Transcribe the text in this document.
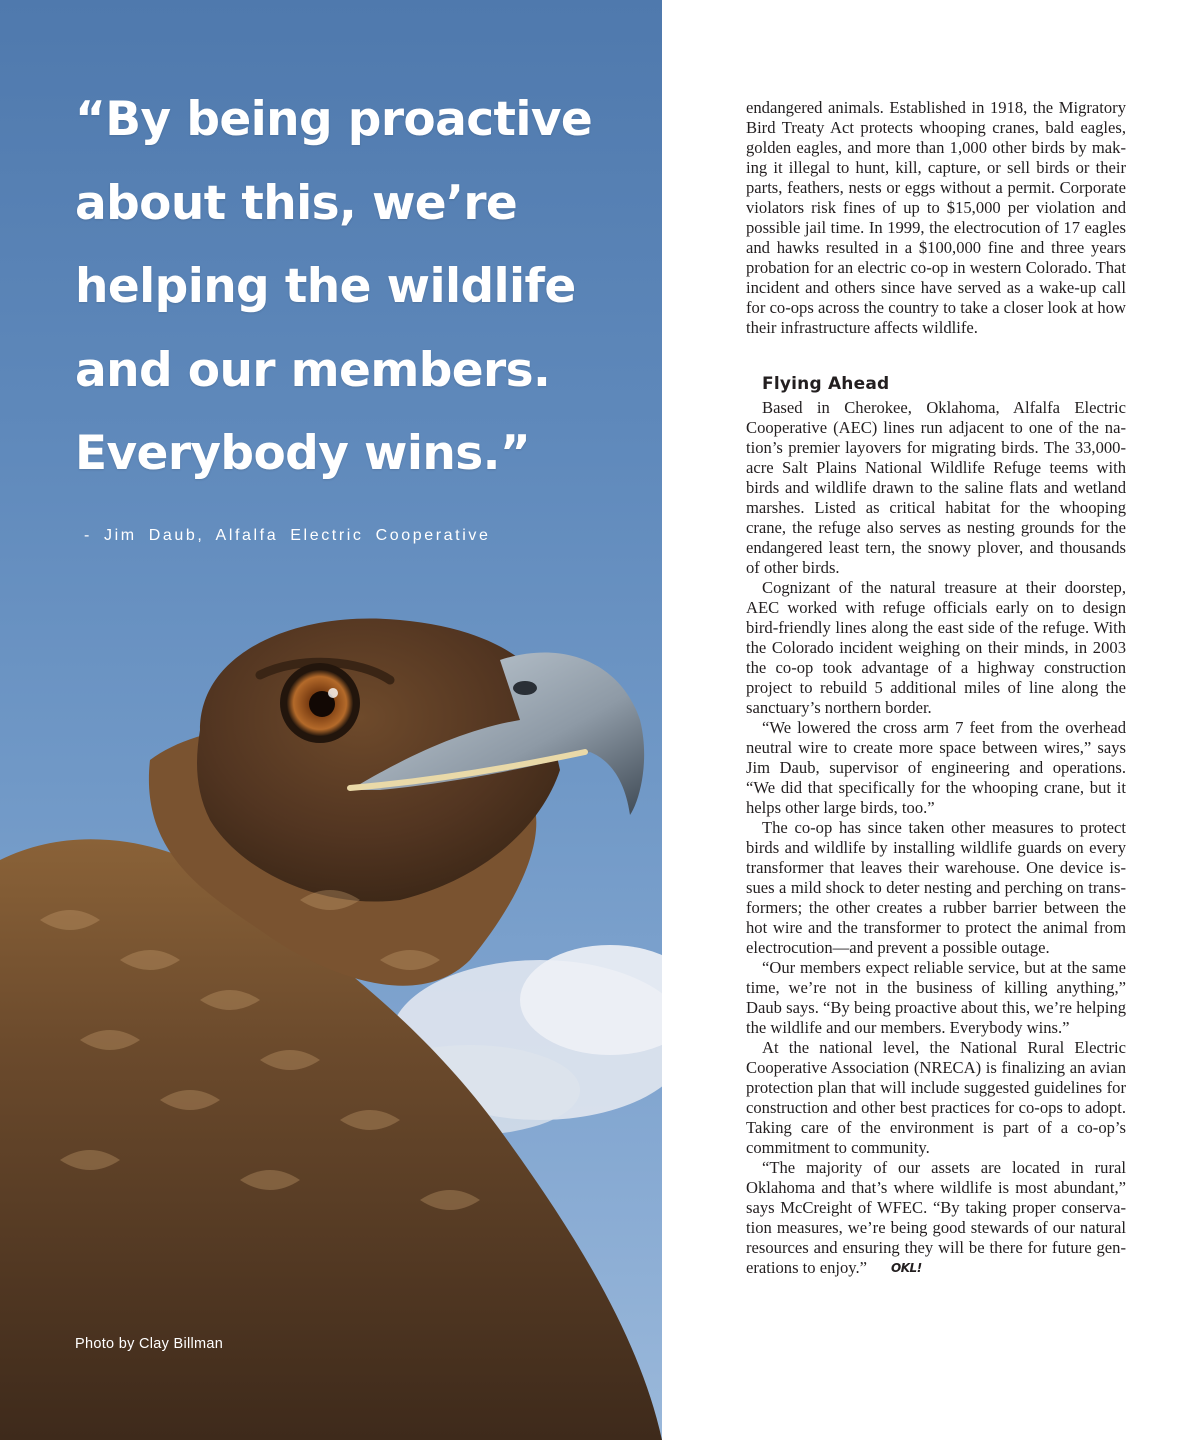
“By being proactive
about this, we’re
helping the wildlife
and our members.
Everybody wins.”
- Jim Daub, Alfalfa Electric Cooperative
Photo by Clay Billman

endangered animals. Established in 1918, the Migratory Bird Treaty Act protects whooping cranes, bald eagles, golden eagles, and more than 1,000 other birds by making it illegal to hunt, kill, capture, or sell birds or their parts, feathers, nests or eggs without a permit. Corporate violators risk fines of up to $15,000 per violation and possible jail time. In 1999, the electrocution of 17 eagles and hawks resulted in a $100,000 fine and three years probation for an electric co-op in western Colorado. That incident and others since have served as a wake-up call for co-ops across the country to take a closer look at how their infrastructure affects wildlife.

Flying Ahead

Based in Cherokee, Oklahoma, Alfalfa Electric Cooperative (AEC) lines run adjacent to one of the nation’s premier layovers for migrating birds. The 33,000-acre Salt Plains National Wildlife Refuge teems with birds and wildlife drawn to the saline flats and wetland marshes. Listed as critical habitat for the whooping crane, the refuge also serves as nesting grounds for the endangered least tern, the snowy plover, and thousands of other birds.

Cognizant of the natural treasure at their doorstep, AEC worked with refuge officials early on to design bird-friendly lines along the east side of the refuge. With the Colorado incident weighing on their minds, in 2003 the co-op took advantage of a highway construction project to rebuild 5 additional miles of line along the sanctuary’s northern border.

“We lowered the cross arm 7 feet from the overhead neutral wire to create more space between wires,” says Jim Daub, supervisor of engineering and operations. “We did that specifically for the whooping crane, but it helps other large birds, too.”

The co-op has since taken other measures to protect birds and wildlife by installing wildlife guards on every transformer that leaves their warehouse. One device issues a mild shock to deter nesting and perching on transformers; the other creates a rubber barrier between the hot wire and the transformer to protect the animal from electrocution—and prevent a possible outage.

“Our members expect reliable service, but at the same time, we’re not in the business of killing anything,” Daub says. “By being proactive about this, we’re helping the wildlife and our members. Everybody wins.”

At the national level, the National Rural Electric Cooperative Association (NRECA) is finalizing an avian protection plan that will include suggested guidelines for construction and other best practices for co-ops to adopt. Taking care of the environment is part of a co-op’s commitment to community.

“The majority of our assets are located in rural Oklahoma and that’s where wildlife is most abundant,” says McCreight of WFEC. “By taking proper conservation measures, we’re being good stewards of our natural resources and ensuring they will be there for future generations to enjoy.” OKL!
